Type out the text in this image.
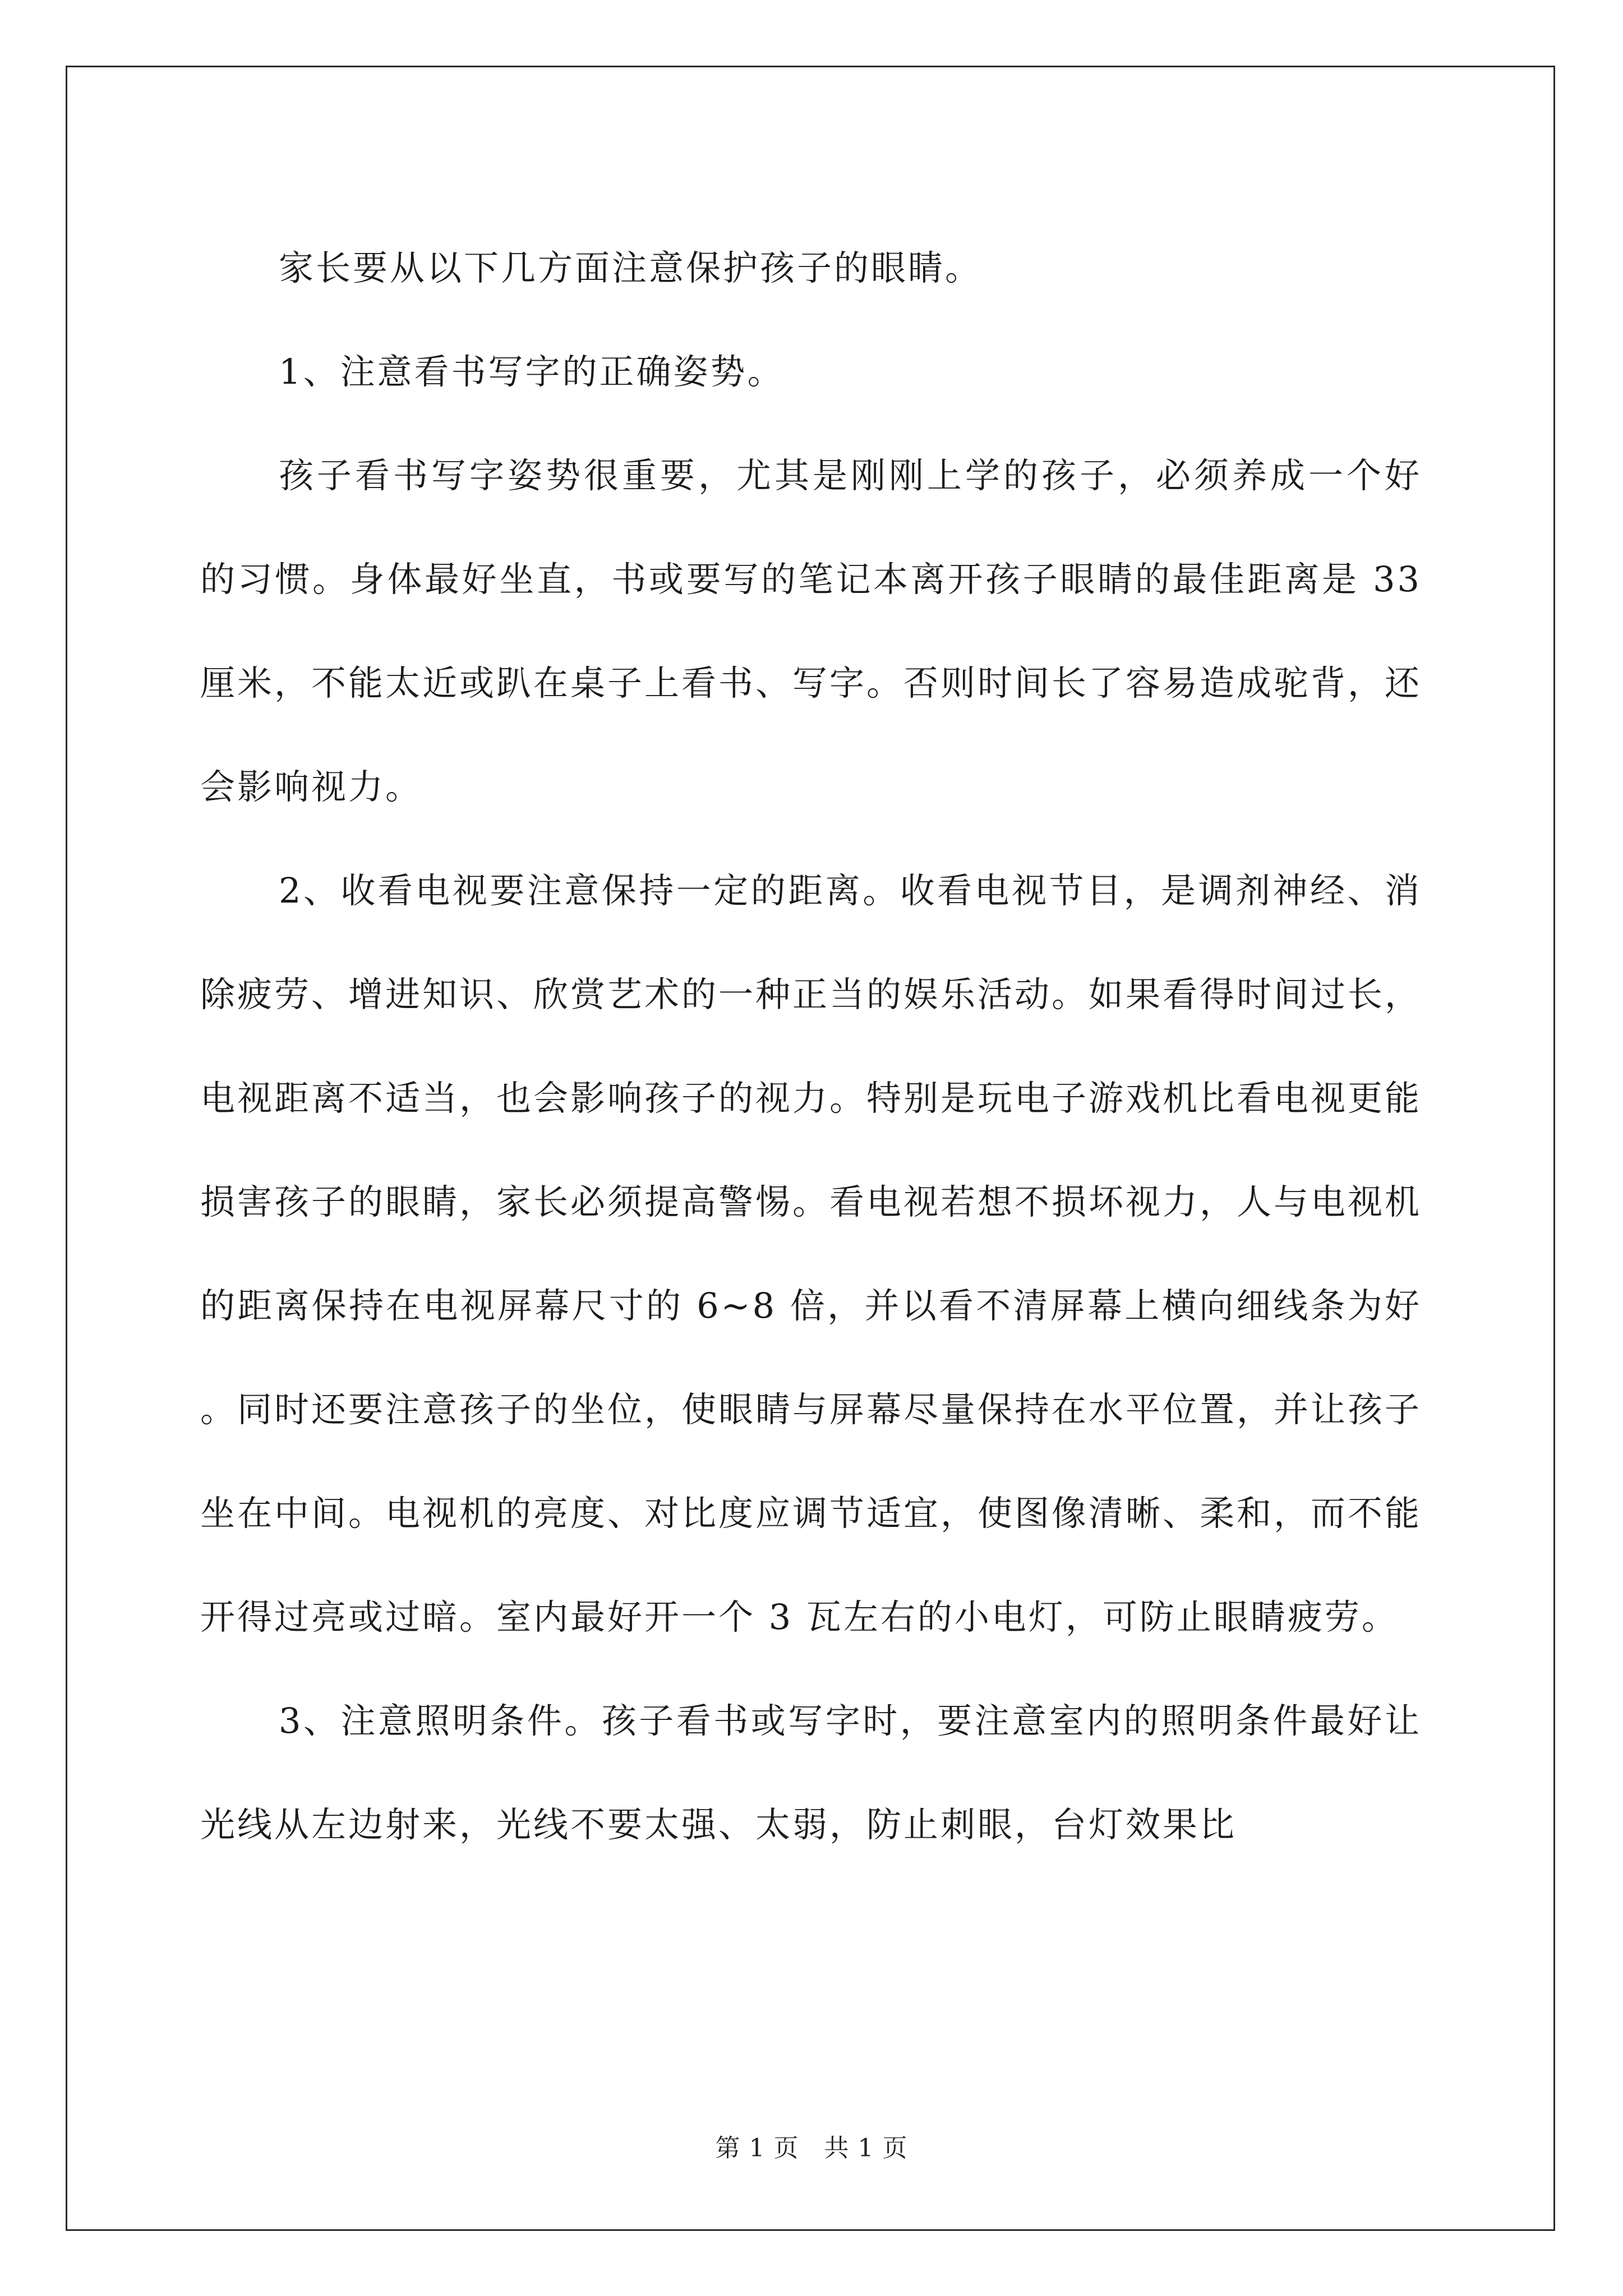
家长要从以下几方面注意保护孩子的眼睛。

1、注意看书写字的正确姿势。

孩子看书写字姿势很重要，尤其是刚刚上学的孩子，必须养成一个好的习惯。身体最好坐直，书或要写的笔记本离开孩子眼睛的最佳距离是 33 厘米，不能太近或趴在桌子上看书、写字。否则时间长了容易造成驼背，还会影响视力。

2、收看电视要注意保持一定的距离。收看电视节目，是调剂神经、消除疲劳、增进知识、欣赏艺术的一种正当的娱乐活动。如果看得时间过长，电视距离不适当，也会影响孩子的视力。特别是玩电子游戏机比看电视更能损害孩子的眼睛，家长必须提高警惕。看电视若想不损坏视力，人与电视机的距离保持在电视屏幕尺寸的 6~8 倍，并以看不清屏幕上横向细线条为好。同时还要注意孩子的坐位，使眼睛与屏幕尽量保持在水平位置，并让孩子坐在中间。电视机的亮度、对比度应调节适宜，使图像清晰、柔和，而不能开得过亮或过暗。室内最好开一个 3 瓦左右的小电灯，可防止眼睛疲劳。

3、注意照明条件。孩子看书或写字时，要注意室内的照明条件最好让光线从左边射来，光线不要太强、太弱，防止刺眼，台灯效果比

第 1 页　共 1 页
